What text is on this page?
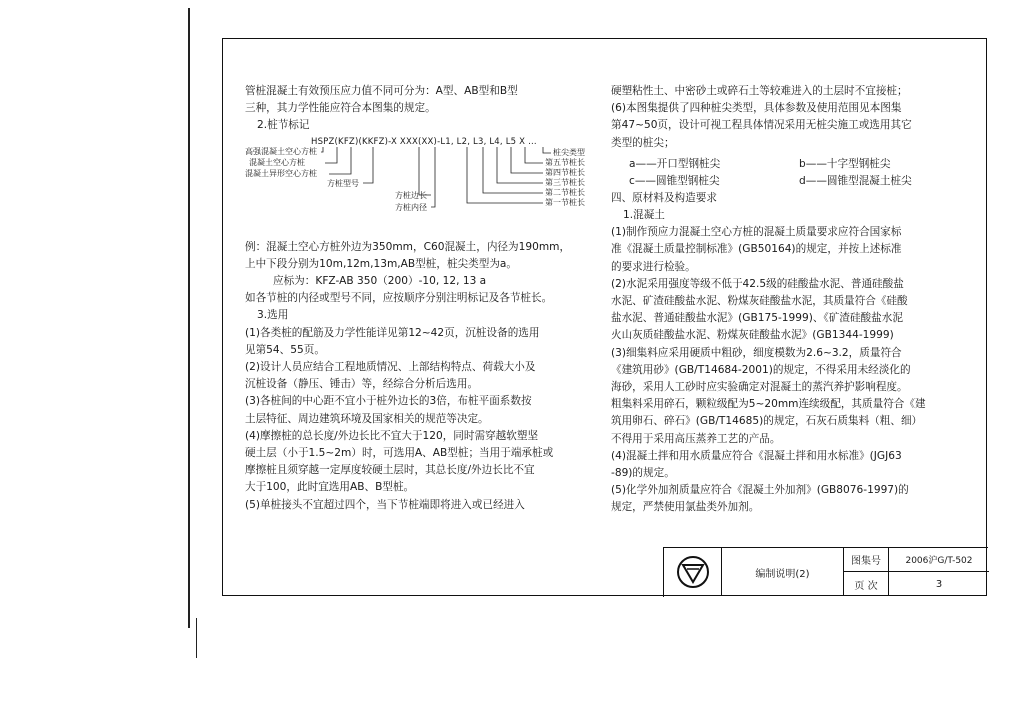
管桩混凝土有效预压应力值不同可分为：A型、AB型和B型

三种，其力学性能应符合本图集的规定。

2.桩节标记

HSPZ(KFZ)(KKFZ)-X XXX(XX)-L1, L2, L3, L4, L5 X ...
高强混凝土空心方桩
混凝土空心方桩
混凝土异形空心方桩
方桩型号
方桩边长
方桩内径
桩尖类型
第五节桩长
第四节桩长
第三节桩长
第二节桩长
第一节桩长

例：混凝土空心方桩外边为350mm，C60混凝土，内径为190mm，

上中下段分别为10m,12m,13m,AB型桩，桩尖类型为a。

应标为：KFZ-AB 350（200）-10, 12, 13 a

如各节桩的内径或型号不同，应按顺序分别注明标记及各节桩长。

3.选用

(1)各类桩的配筋及力学性能详见第12~42页，沉桩设备的选用

见第54、55页。

(2)设计人员应结合工程地质情况、上部结构特点、荷载大小及

沉桩设备（静压、锤击）等，经综合分析后选用。

(3)各桩间的中心距不宜小于桩外边长的3倍，布桩平面系数按

土层特征、周边建筑环境及国家相关的规范等决定。

(4)摩擦桩的总长度/外边长比不宜大于120，同时需穿越软塑坚

硬土层（小于1.5~2m）时，可选用A、AB型桩；当用于端承桩或

摩擦桩且须穿越一定厚度较硬土层时，其总长度/外边长比不宜

大于100，此时宜选用AB、B型桩。

(5)单桩接头不宜超过四个，当下节桩端即将进入或已经进入

硬塑粘性土、中密砂土或碎石土等较难进入的土层时不宜接桩；

(6)本图集提供了四种桩尖类型，具体参数及使用范围见本图集

第47~50页，设计可视工程具体情况采用无桩尖施工或选用其它

类型的桩尖；

a——开口型钢桩尖	b——十字型钢桩尖
c——圆锥型钢桩尖	d——圆锥型混凝土桩尖

四、原材料及构造要求

1.混凝土

(1)制作预应力混凝土空心方桩的混凝土质量要求应符合国家标

准《混凝土质量控制标准》(GB50164)的规定，并按上述标准

的要求进行检验。

(2)水泥采用强度等级不低于42.5级的硅酸盐水泥、普通硅酸盐

水泥、矿渣硅酸盐水泥、粉煤灰硅酸盐水泥，其质量符合《硅酸

盐水泥、普通硅酸盐水泥》(GB175-1999)、《矿渣硅酸盐水泥

火山灰质硅酸盐水泥、粉煤灰硅酸盐水泥》(GB1344-1999)

(3)细集料应采用硬质中粗砂，细度模数为2.6~3.2，质量符合

《建筑用砂》(GB/T14684-2001)的规定，不得采用未经淡化的

海砂，采用人工砂时应实验确定对混凝土的蒸汽养护影响程度。

粗集料采用碎石，颗粒级配为5~20mm连续级配，其质量符合《建

筑用卵石、碎石》(GB/T14685)的规定，石灰石质集料（粗、细）

不得用于采用高压蒸养工艺的产品。

(4)混凝土拌和用水质量应符合《混凝土拌和用水标准》(JGJ63

-89)的规定。

(5)化学外加剂质量应符合《混凝土外加剂》(GB8076-1997)的

规定，严禁使用氯盐类外加剂。

编制说明(2)
图集号	2006沪G/T-502
页 次	3
